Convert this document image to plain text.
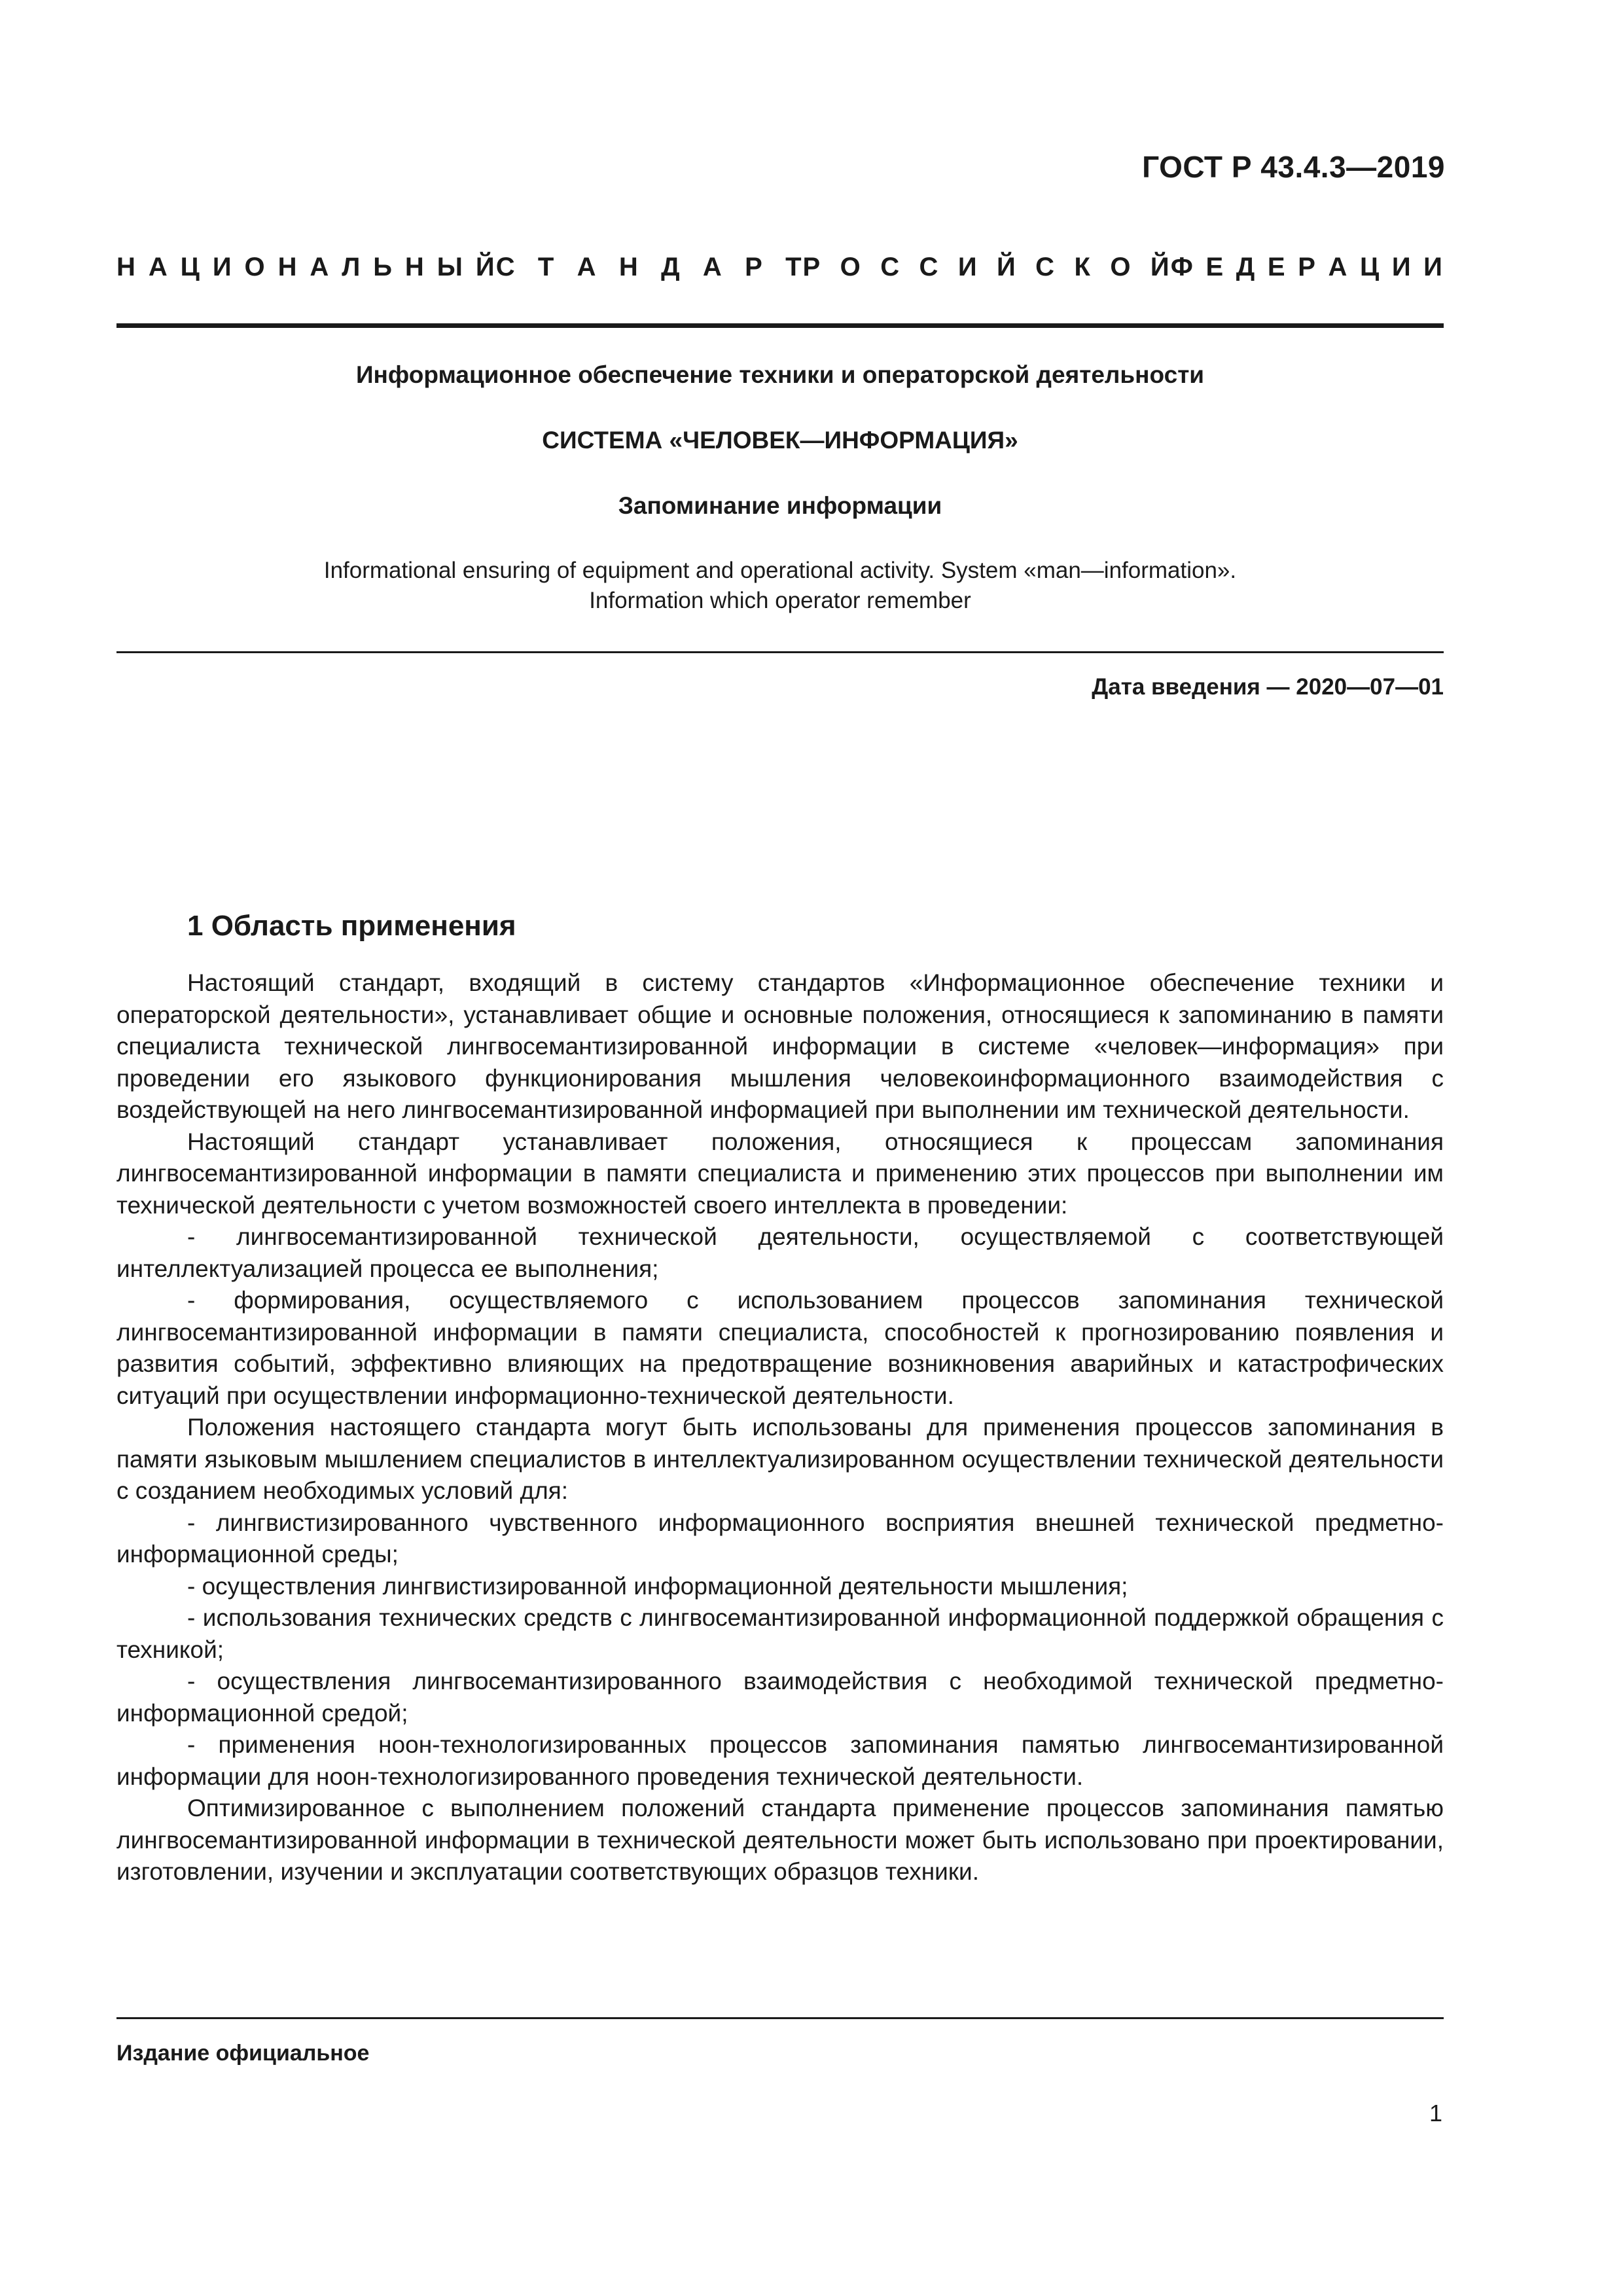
ГОСТ Р 43.4.3—2019
Н А Ц И О Н А Л Ь Н Ы Й С Т А Н Д А Р Т Р О С С И Й С К О Й Ф Е Д Е Р А Ц И И
Информационное обеспечение техники и операторской деятельности
СИСТЕМА «ЧЕЛОВЕК—ИНФОРМАЦИЯ»
Запоминание информации
Informational ensuring of equipment and operational activity. System «man—information».
Information which operator remember
Дата введения — 2020—07—01
1 Область применения

Настоящий стандарт, входящий в систему стандартов «Информационное обеспечение техники и операторской деятельности», устанавливает общие и основные положения, относящиеся к запоминанию в памяти специалиста технической лингвосемантизированной информации в системе «человек—информация» при проведении его языкового функционирования мышления человекоинформационного взаимодействия с воздействующей на него лингвосемантизированной информацией при выполнении им технической деятельности.

Настоящий стандарт устанавливает положения, относящиеся к процессам запоминания лингвосемантизированной информации в памяти специалиста и применению этих процессов при выполнении им технической деятельности с учетом возможностей своего интеллекта в проведении:

- лингвосемантизированной технической деятельности, осуществляемой с соответствующей интеллектуализацией процесса ее выполнения;

- формирования, осуществляемого с использованием процессов запоминания технической лингвосемантизированной информации в памяти специалиста, способностей к прогнозированию появления и развития событий, эффективно влияющих на предотвращение возникновения аварийных и катастрофических ситуаций при осуществлении информационно-технической деятельности.

Положения настоящего стандарта могут быть использованы для применения процессов запоминания в памяти языковым мышлением специалистов в интеллектуализированном осуществлении технической деятельности с созданием необходимых условий для:

- лингвистизированного чувственного информационного восприятия внешней технической предметно-информационной среды;

- осуществления лингвистизированной информационной деятельности мышления;

- использования технических средств с лингвосемантизированной информационной поддержкой обращения с техникой;

- осуществления лингвосемантизированного взаимодействия с необходимой технической предметно-информационной средой;

- применения ноон-технологизированных процессов запоминания памятью лингвосемантизированной информации для ноон-технологизированного проведения технической деятельности.

Оптимизированное с выполнением положений стандарта применение процессов запоминания памятью лингвосемантизированной информации в технической деятельности может быть использовано при проектировании, изготовлении, изучении и эксплуатации соответствующих образцов техники.

Издание официальное
1
